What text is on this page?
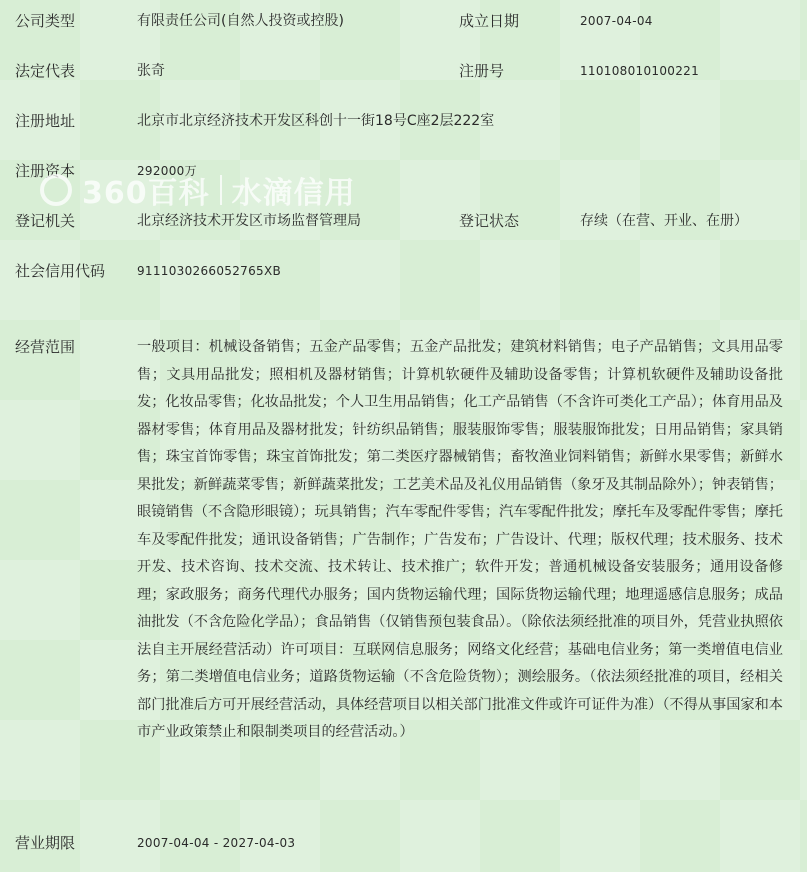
公司类型	有限责任公司(自然人投资或控股)	成立日期	2007-04-04
法定代表	张奇	注册号	110108010100221
注册地址	北京市北京经济技术开发区科创十一街18号C座2层222室
注册资本	292000万
360百科 水滴信用
登记机关	北京经济技术开发区市场监督管理局	登记状态	存续（在营、开业、在册）
社会信用代码	9111030266052765XB
经营范围	一般项目：机械设备销售；五金产品零售；五金产品批发；建筑材料销售；电子产品销售；文具用品零售；文具用品批发；照相机及器材销售；计算机软硬件及辅助设备零售；计算机软硬件及辅助设备批发；化妆品零售；化妆品批发；个人卫生用品销售；化工产品销售（不含许可类化工产品）；体育用品及器材零售；体育用品及器材批发；针纺织品销售；服装服饰零售；服装服饰批发；日用品销售；家具销售；珠宝首饰零售；珠宝首饰批发；第二类医疗器械销售；畜牧渔业饲料销售；新鲜水果零售；新鲜水果批发；新鲜蔬菜零售；新鲜蔬菜批发；工艺美术品及礼仪用品销售（象牙及其制品除外）；钟表销售；眼镜销售（不含隐形眼镜）；玩具销售；汽车零配件零售；汽车零配件批发；摩托车及零配件零售；摩托车及零配件批发；通讯设备销售；广告制作；广告发布；广告设计、代理；版权代理；技术服务、技术开发、技术咨询、技术交流、技术转让、技术推广；软件开发；普通机械设备安装服务；通用设备修理；家政服务；商务代理代办服务；国内货物运输代理；国际货物运输代理；地理遥感信息服务；成品油批发（不含危险化学品）；食品销售（仅销售预包装食品）。（除依法须经批准的项目外，凭营业执照依法自主开展经营活动）许可项目：互联网信息服务；网络文化经营；基础电信业务；第一类增值电信业务；第二类增值电信业务；道路货物运输（不含危险货物）；测绘服务。（依法须经批准的项目，经相关部门批准后方可开展经营活动，具体经营项目以相关部门批准文件或许可证件为准）（不得从事国家和本市产业政策禁止和限制类项目的经营活动。）
营业期限	2007-04-04 - 2027-04-03
